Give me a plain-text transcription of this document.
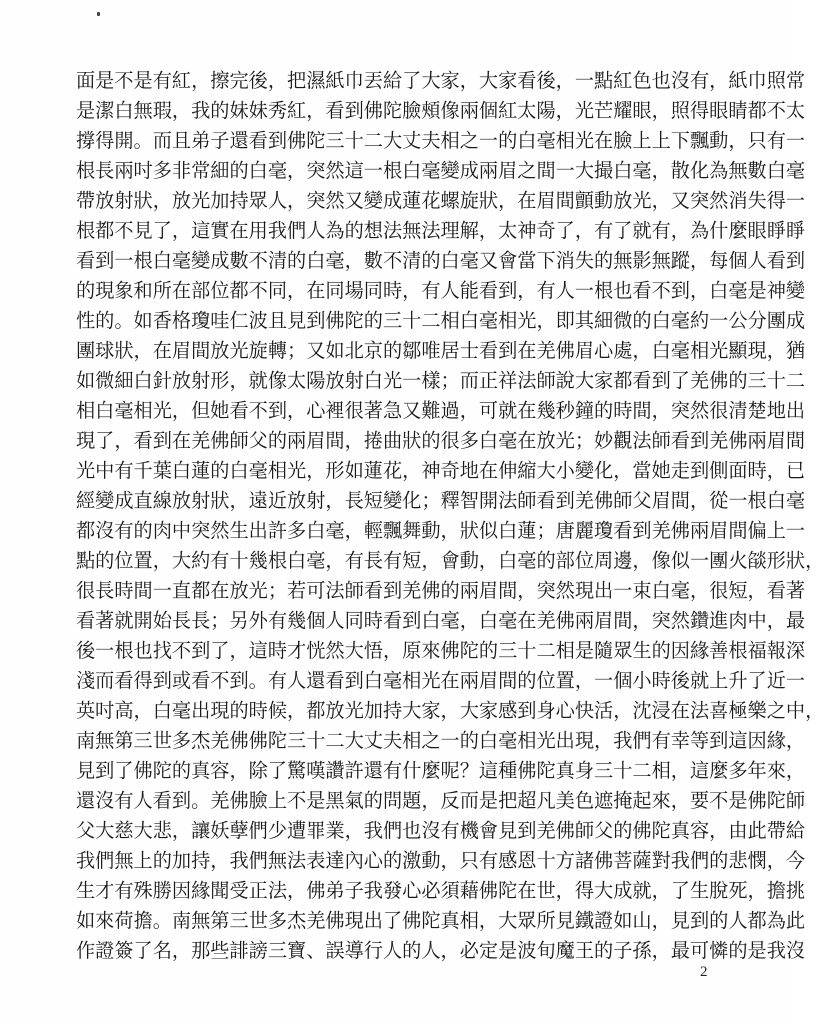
面是不是有紅，擦完後，把濕紙巾丟給了大家，大家看後，一點紅色也沒有，紙巾照常
是潔白無瑕，我的妹妹秀紅，看到佛陀臉頰像兩個紅太陽，光芒耀眼，照得眼睛都不太
撐得開。而且弟子還看到佛陀三十二大丈夫相之一的白毫相光在臉上上下飄動，只有一
根長兩吋多非常細的白毫，突然這一根白毫變成兩眉之間一大撮白毫，散化為無數白毫
帶放射狀，放光加持眾人，突然又變成蓮花螺旋狀，在眉間顫動放光，又突然消失得一
根都不見了，這實在用我們人為的想法無法理解，太神奇了，有了就有，為什麼眼睜睜
看到一根白毫變成數不清的白毫，數不清的白毫又會當下消失的無影無蹤，每個人看到
的現象和所在部位都不同，在同場同時，有人能看到，有人一根也看不到，白毫是神變
性的。如香格瓊哇仁波且見到佛陀的三十二相白毫相光，即其細微的白毫約一公分團成
團球狀，在眉間放光旋轉；又如北京的鄒唯居士看到在羌佛眉心處，白毫相光顯現，猶
如微細白針放射形，就像太陽放射白光一樣；而正祥法師說大家都看到了羌佛的三十二
相白毫相光，但她看不到，心裡很著急又難過，可就在幾秒鐘的時間，突然很清楚地出
現了，看到在羌佛師父的兩眉間，捲曲狀的很多白毫在放光；妙觀法師看到羌佛兩眉間
光中有千葉白蓮的白毫相光，形如蓮花，神奇地在伸縮大小變化，當她走到側面時，已
經變成直線放射狀，遠近放射，長短變化；釋智開法師看到羌佛師父眉間，從一根白毫
都沒有的肉中突然生出許多白毫，輕飄舞動，狀似白蓮；唐麗瓊看到羌佛兩眉間偏上一
點的位置，大約有十幾根白毫，有長有短，會動，白毫的部位周邊，像似一團火燄形狀，
很長時間一直都在放光；若可法師看到羌佛的兩眉間，突然現出一束白毫，很短，看著
看著就開始長長；另外有幾個人同時看到白毫，白毫在羌佛兩眉間，突然鑽進肉中，最
後一根也找不到了，這時才恍然大悟，原來佛陀的三十二相是隨眾生的因緣善根福報深
淺而看得到或看不到。有人還看到白毫相光在兩眉間的位置，一個小時後就上升了近一
英吋高，白毫出現的時候，都放光加持大家，大家感到身心快活，沈浸在法喜極樂之中，
南無第三世多杰羌佛佛陀三十二大丈夫相之一的白毫相光出現，我們有幸等到這因緣，
見到了佛陀的真容，除了驚嘆讚許還有什麼呢？這種佛陀真身三十二相，這麼多年來，
還沒有人看到。羌佛臉上不是黑氣的問題，反而是把超凡美色遮掩起來，要不是佛陀師
父大慈大悲，讓妖孽們少遭罪業，我們也沒有機會見到羌佛師父的佛陀真容，由此帶給
我們無上的加持，我們無法表達內心的激動，只有感恩十方諸佛菩薩對我們的悲憫，今
生才有殊勝因緣聞受正法，佛弟子我發心必須藉佛陀在世，得大成就，了生脫死，擔挑
如來荷擔。南無第三世多杰羌佛現出了佛陀真相，大眾所見鐵證如山，見到的人都為此
作證簽了名，那些誹謗三寶、誤導行人的人，必定是波旬魔王的子孫，最可憐的是我沒
2
